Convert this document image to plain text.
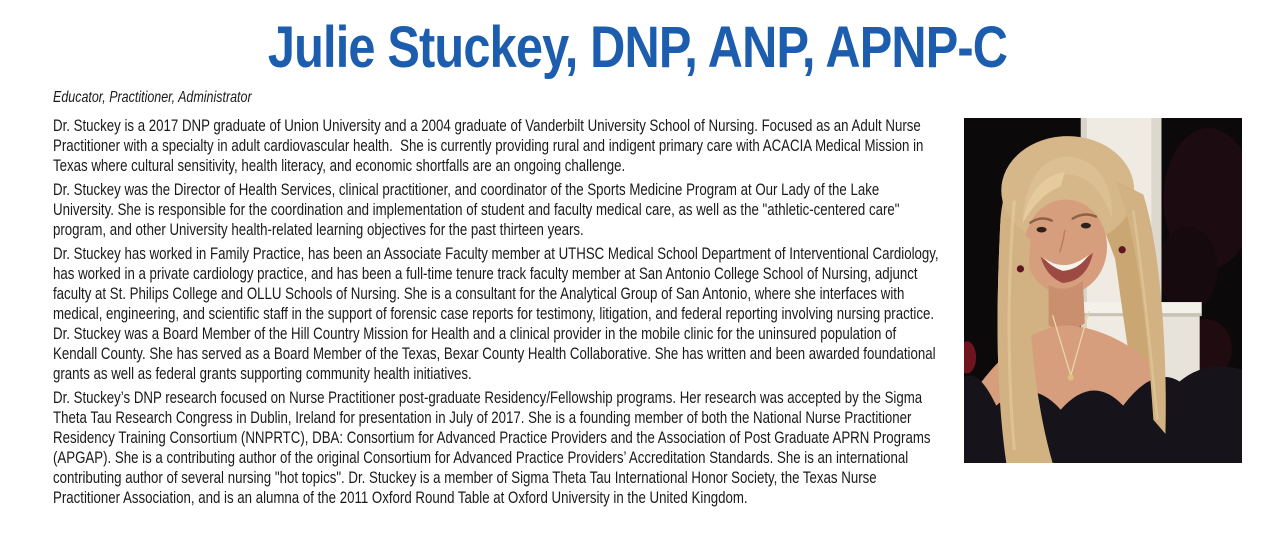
Julie Stuckey, DNP, ANP, APNP-C

Educator, Practitioner, Administrator

Dr. Stuckey is a 2017 DNP graduate of Union University and a 2004 graduate of Vanderbilt University School of Nursing. Focused as an Adult Nurse Practitioner with a specialty in adult cardiovascular health.  She is currently providing rural and indigent primary care with ACACIA Medical Mission in Texas where cultural sensitivity, health literacy, and economic shortfalls are an ongoing challenge.

Dr. Stuckey was the Director of Health Services, clinical practitioner, and coordinator of the Sports Medicine Program at Our Lady of the Lake University. She is responsible for the coordination and implementation of student and faculty medical care, as well as the "athletic-centered care" program, and other University health-related learning objectives for the past thirteen years.

Dr. Stuckey has worked in Family Practice, has been an Associate Faculty member at UTHSC Medical School Department of Interventional Cardiology, has worked in a private cardiology practice, and has been a full-time tenure track faculty member at San Antonio College School of Nursing, adjunct faculty at St. Philips College and OLLU Schools of Nursing. She is a consultant for the Analytical Group of San Antonio, where she interfaces with medical, engineering, and scientific staff in the support of forensic case reports for testimony, litigation, and federal reporting involving nursing practice. Dr. Stuckey was a Board Member of the Hill Country Mission for Health and a clinical provider in the mobile clinic for the uninsured population of Kendall County. She has served as a Board Member of the Texas, Bexar County Health Collaborative. She has written and been awarded foundational grants as well as federal grants supporting community health initiatives.

Dr. Stuckey’s DNP research focused on Nurse Practitioner post-graduate Residency/Fellowship programs. Her research was accepted by the Sigma Theta Tau Research Congress in Dublin, Ireland for presentation in July of 2017. She is a founding member of both the National Nurse Practitioner Residency Training Consortium (NNPRTC), DBA: Consortium for Advanced Practice Providers and the Association of Post Graduate APRN Programs (APGAP). She is a contributing author of the original Consortium for Advanced Practice Providers’ Accreditation Standards. She is an international contributing author of several nursing "hot topics". Dr. Stuckey is a member of Sigma Theta Tau International Honor Society, the Texas Nurse Practitioner Association, and is an alumna of the 2011 Oxford Round Table at Oxford University in the United Kingdom.
